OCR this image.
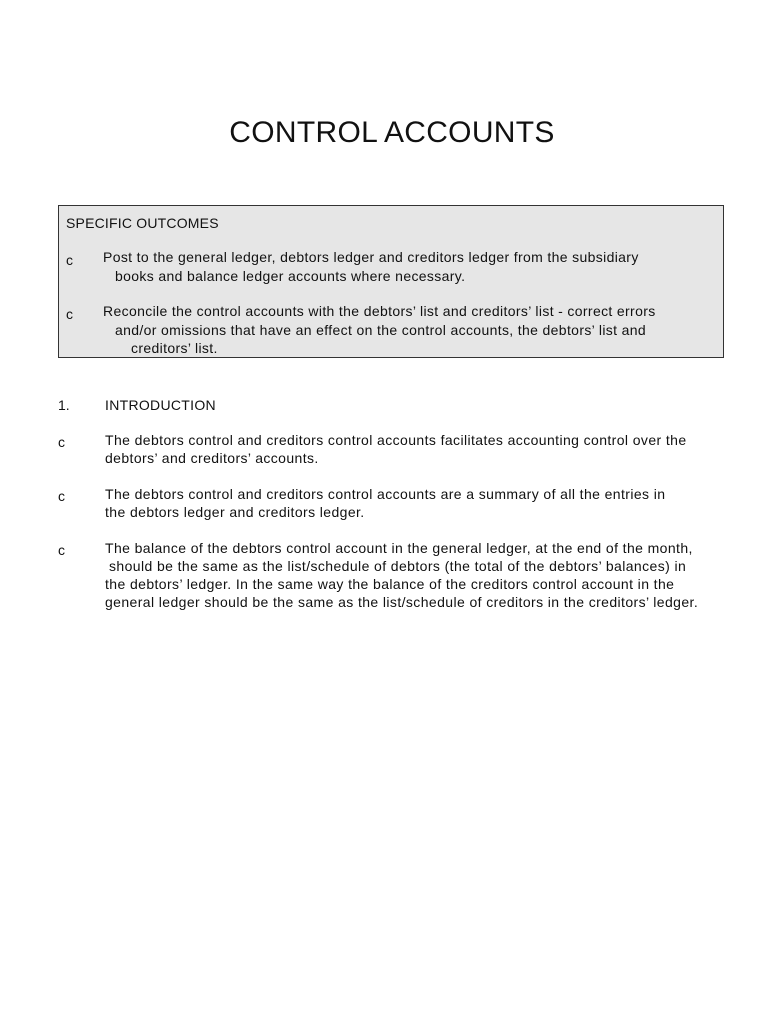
CONTROL ACCOUNTS
SPECIFIC OUTCOMES
c Post to the general ledger, debtors ledger and creditors ledger from the subsidiary
books and balance ledger accounts where necessary.
c Reconcile the control accounts with the debtors’ list and creditors’ list - correct errors
and/or omissions that have an effect on the control accounts, the debtors’ list and
creditors’ list.
1.	INTRODUCTION
c	The debtors control and creditors control accounts facilitates accounting control over the
debtors’ and creditors’ accounts.
c	The debtors control and creditors control accounts are a summary of all the entries in
the debtors ledger and creditors ledger.
c	The balance of the debtors control account in the general ledger, at the end of the month,
should be the same as the list/schedule of debtors (the total of the debtors’ balances) in
the debtors’ ledger. In the same way the balance of the creditors control account in the
general ledger should be the same as the list/schedule of creditors in the creditors’ ledger.
